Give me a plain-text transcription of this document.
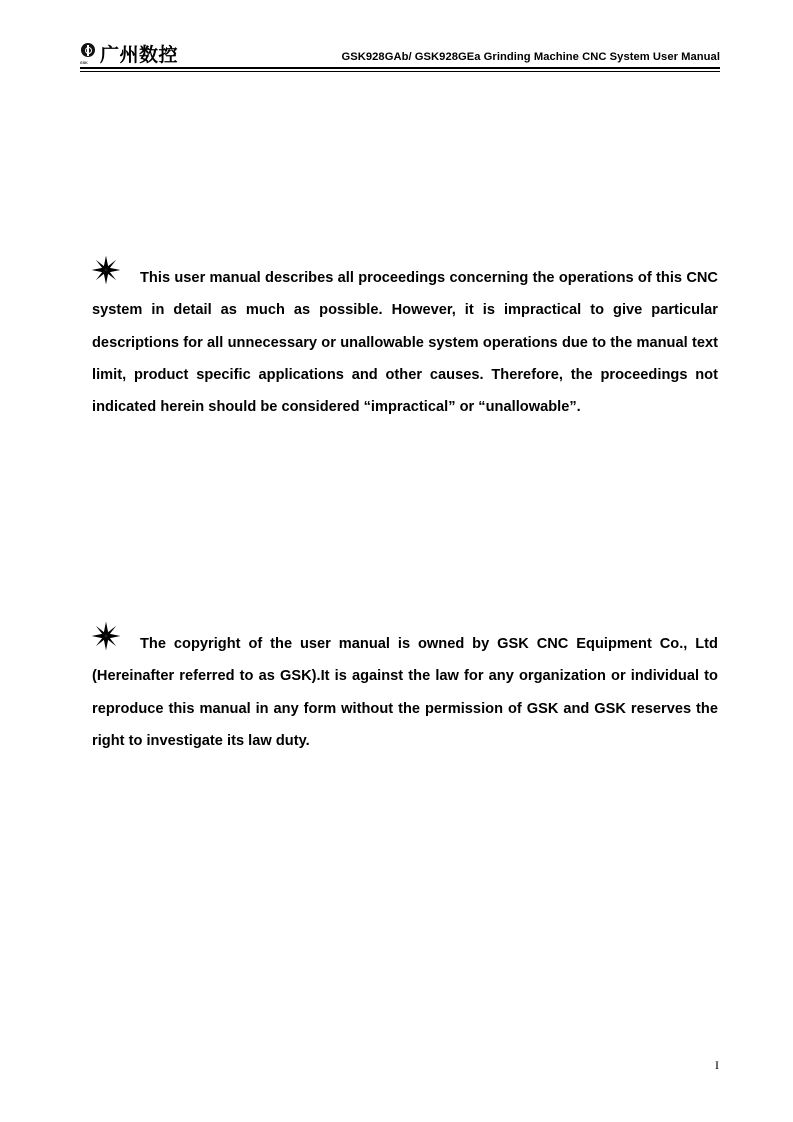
GSK 广州数控	GSK928GAb/ GSK928GEa Grinding Machine CNC System User Manual

This user manual describes all proceedings concerning the operations of this CNC system in detail as much as possible. However, it is impractical to give particular descriptions for all unnecessary or unallowable system operations due to the manual text limit, product specific applications and other causes. Therefore, the proceedings not indicated herein should be considered “impractical” or “unallowable”.

The copyright of the user manual is owned by GSK CNC Equipment Co., Ltd (Hereinafter referred to as GSK).It is against the law for any organization or individual to reproduce this manual in any form without the permission of GSK and GSK reserves the right to investigate its law duty.

I
